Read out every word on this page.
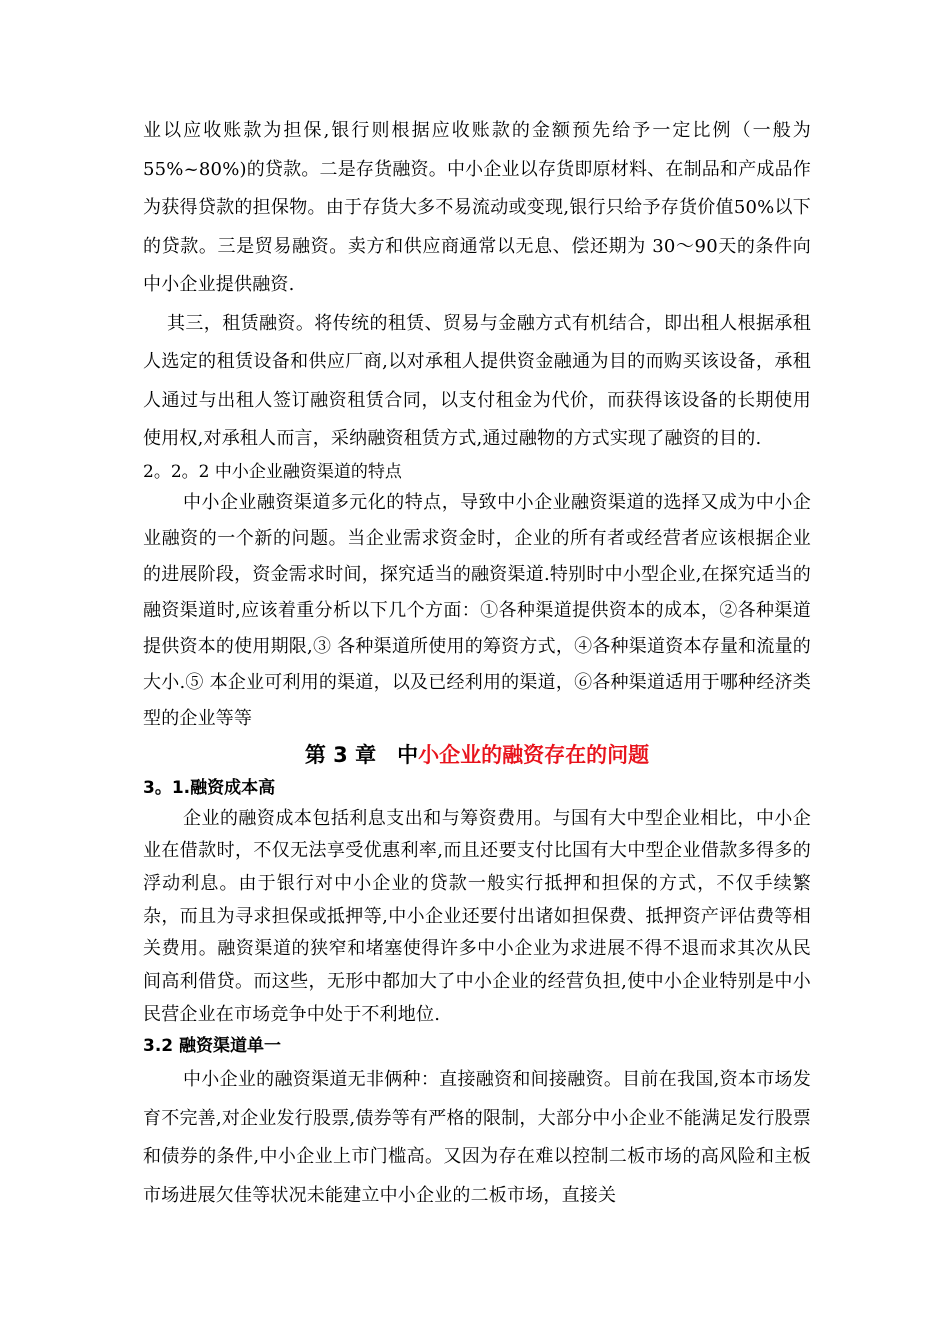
业以应收账款为担保,银行则根据应收账款的金额预先给予一定比例（一般为55%~80%)的贷款。二是存货融资。中小企业以存货即原材料、在制品和产成品作为获得贷款的担保物。由于存货大多不易流动或变现,银行只给予存货价值50%以下的贷款。三是贸易融资。卖方和供应商通常以无息、偿还期为 30～90天的条件向中小企业提供融资.

其三，租赁融资。将传统的租赁、贸易与金融方式有机结合，即出租人根据承租人选定的租赁设备和供应厂商,以对承租人提供资金融通为目的而购买该设备，承租人通过与出租人签订融资租赁合同，以支付租金为代价，而获得该设备的长期使用使用权,对承租人而言，采纳融资租赁方式,通过融物的方式实现了融资的目的.

2。2。2 中小企业融资渠道的特点

中小企业融资渠道多元化的特点，导致中小企业融资渠道的选择又成为中小企业融资的一个新的问题。当企业需求资金时，企业的所有者或经营者应该根据企业的进展阶段，资金需求时间，探究适当的融资渠道.特别时中小型企业,在探究适当的融资渠道时,应该着重分析以下几个方面：①各种渠道提供资本的成本，②各种渠道提供资本的使用期限,③ 各种渠道所使用的筹资方式，④各种渠道资本存量和流量的大小.⑤ 本企业可利用的渠道，以及已经利用的渠道，⑥各种渠道适用于哪种经济类型的企业等等

第 3 章　中小企业的融资存在的问题

3。1.融资成本高

企业的融资成本包括利息支出和与筹资费用。与国有大中型企业相比，中小企业在借款时，不仅无法享受优惠利率,而且还要支付比国有大中型企业借款多得多的浮动利息。由于银行对中小企业的贷款一般实行抵押和担保的方式，不仅手续繁杂，而且为寻求担保或抵押等,中小企业还要付出诸如担保费、抵押资产评估费等相关费用。融资渠道的狭窄和堵塞使得许多中小企业为求进展不得不退而求其次从民间高利借贷。而这些，无形中都加大了中小企业的经营负担,使中小企业特别是中小民营企业在市场竞争中处于不利地位.

3.2 融资渠道单一

中小企业的融资渠道无非俩种：直接融资和间接融资。目前在我国,资本市场发育不完善,对企业发行股票,债券等有严格的限制，大部分中小企业不能满足发行股票和债券的条件,中小企业上市门槛高。又因为存在难以控制二板市场的高风险和主板市场进展欠佳等状况未能建立中小企业的二板市场，直接关
